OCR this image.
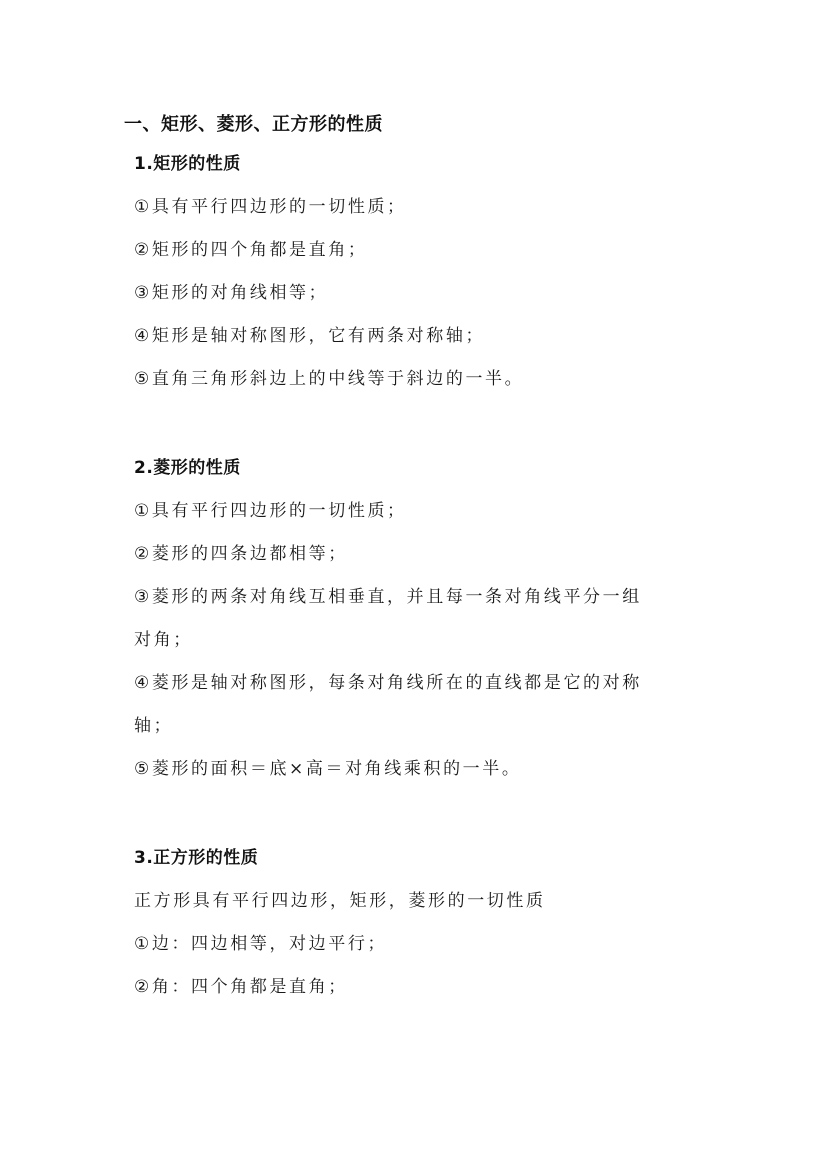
一、矩形、菱形、正方形的性质
1.矩形的性质
①具有平行四边形的一切性质；
②矩形的四个角都是直角；
③矩形的对角线相等；
④矩形是轴对称图形，它有两条对称轴；
⑤直角三角形斜边上的中线等于斜边的一半。
2.菱形的性质
①具有平行四边形的一切性质；
②菱形的四条边都相等；
③菱形的两条对角线互相垂直，并且每一条对角线平分一组
对角；
④菱形是轴对称图形，每条对角线所在的直线都是它的对称
轴；
⑤菱形的面积＝底×高＝对角线乘积的一半。
3.正方形的性质
正方形具有平行四边形，矩形，菱形的一切性质
①边：四边相等，对边平行；
②角：四个角都是直角；
